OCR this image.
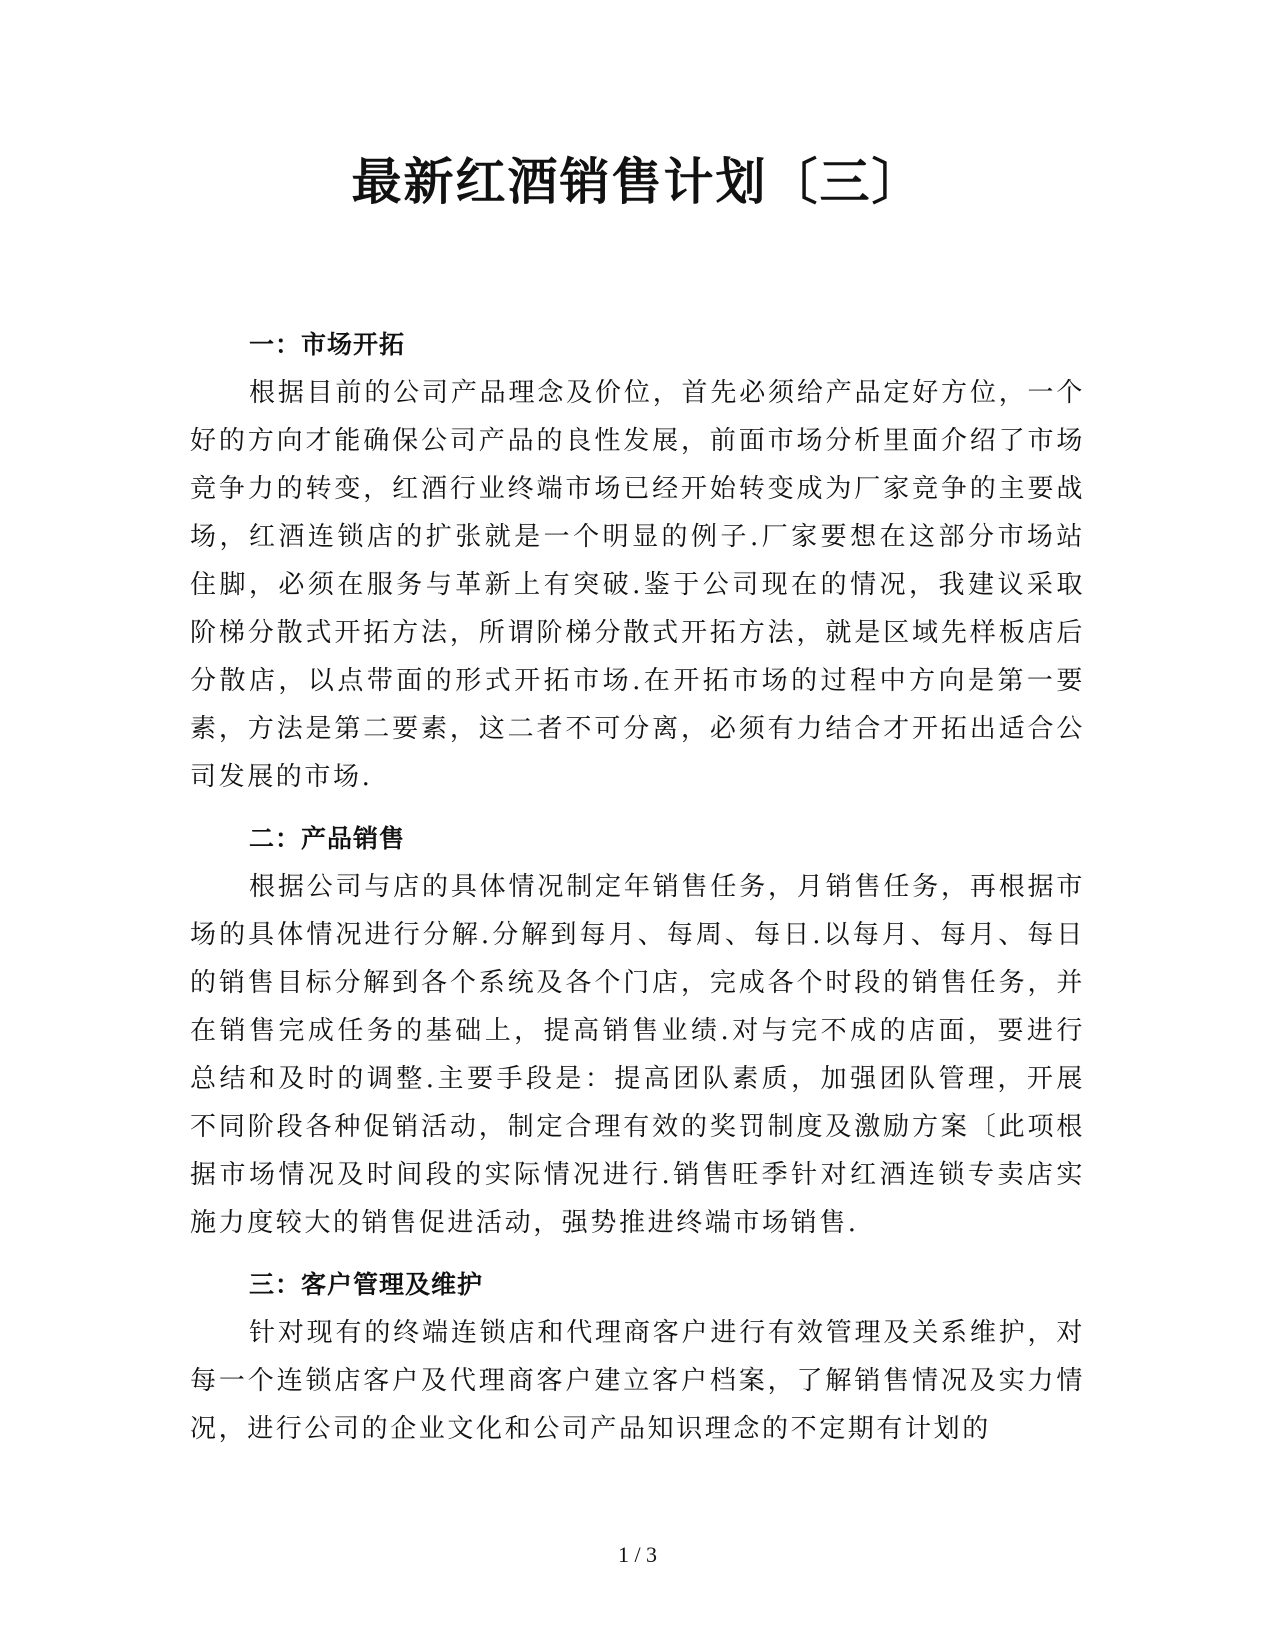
最新红酒销售计划〔三〕
一：市场开拓

根据目前的公司产品理念及价位，首先必须给产品定好方位，一个好的方向才能确保公司产品的良性发展，前面市场分析里面介绍了市场竞争力的转变，红酒行业终端市场已经开始转变成为厂家竞争的主要战场，红酒连锁店的扩张就是一个明显的例子.厂家要想在这部分市场站住脚，必须在服务与革新上有突破.鉴于公司现在的情况，我建议采取阶梯分散式开拓方法，所谓阶梯分散式开拓方法，就是区域先样板店后分散店，以点带面的形式开拓市场.在开拓市场的过程中方向是第一要素，方法是第二要素，这二者不可分离，必须有力结合才开拓出适合公司发展的市场.

二：产品销售

根据公司与店的具体情况制定年销售任务，月销售任务，再根据市场的具体情况进行分解.分解到每月、每周、每日.以每月、每月、每日的销售目标分解到各个系统及各个门店，完成各个时段的销售任务，并在销售完成任务的基础上，提高销售业绩.对与完不成的店面，要进行总结和及时的调整.主要手段是：提高团队素质，加强团队管理，开展不同阶段各种促销活动，制定合理有效的奖罚制度及激励方案〔此项根据市场情况及时间段的实际情况进行.销售旺季针对红酒连锁专卖店实施力度较大的销售促进活动，强势推进终端市场销售.

三：客户管理及维护

针对现有的终端连锁店和代理商客户进行有效管理及关系维护，对每一个连锁店客户及代理商客户建立客户档案，了解销售情况及实力情况，进行公司的企业文化和公司产品知识理念的不定期有计划的

1 / 3
